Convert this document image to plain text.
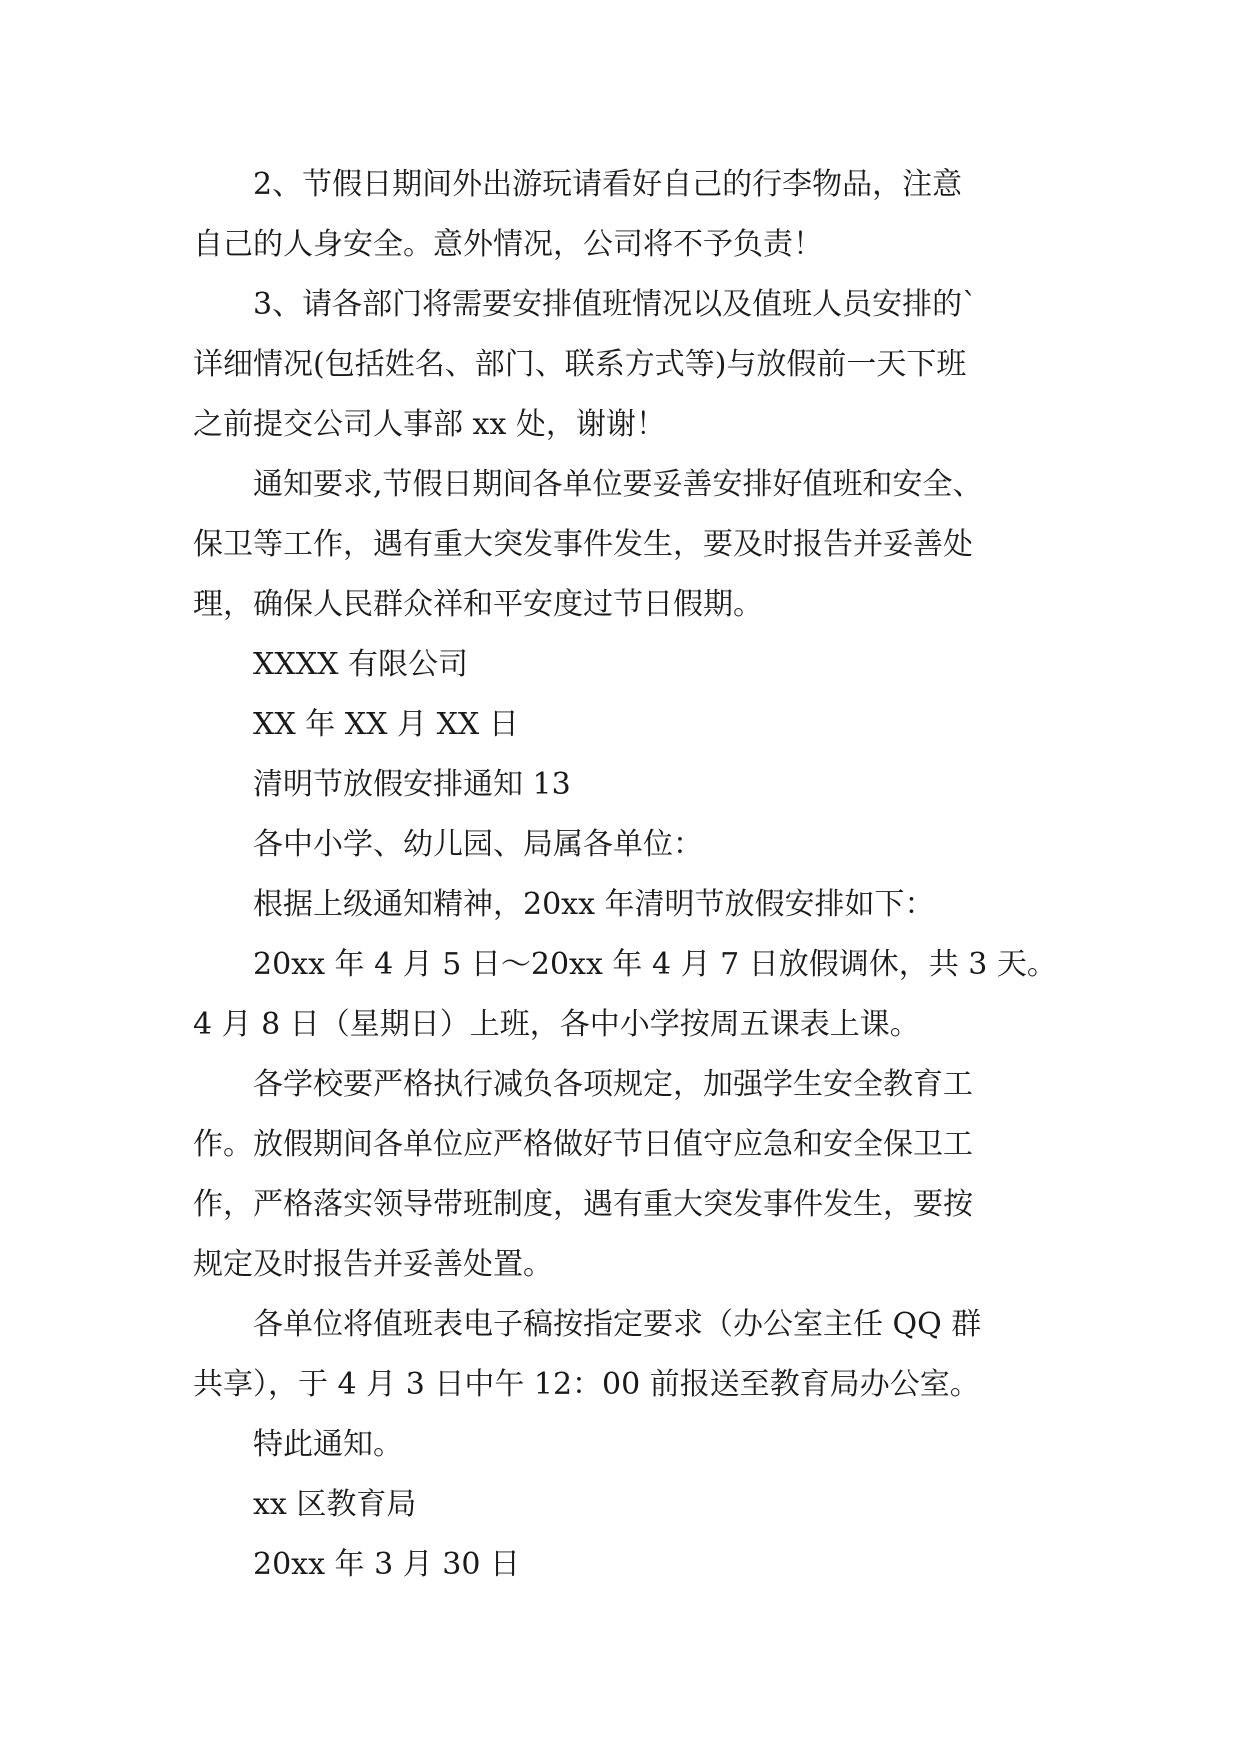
2、节假日期间外出游玩请看好自己的行李物品，注意
自己的人身安全。意外情况，公司将不予负责！
3、请各部门将需要安排值班情况以及值班人员安排的`
详细情况(包括姓名、部门、联系方式等)与放假前一天下班
之前提交公司人事部 xx 处，谢谢！
通知要求,节假日期间各单位要妥善安排好值班和安全、
保卫等工作，遇有重大突发事件发生，要及时报告并妥善处
理，确保人民群众祥和平安度过节日假期。
XXXX 有限公司
XX 年 XX 月 XX 日
清明节放假安排通知 13
各中小学、幼儿园、局属各单位：
根据上级通知精神，20xx 年清明节放假安排如下：
20xx 年 4 月 5 日～20xx 年 4 月 7 日放假调休，共 3 天。
4 月 8 日（星期日）上班，各中小学按周五课表上课。
各学校要严格执行减负各项规定，加强学生安全教育工
作。放假期间各单位应严格做好节日值守应急和安全保卫工
作，严格落实领导带班制度，遇有重大突发事件发生，要按
规定及时报告并妥善处置。
各单位将值班表电子稿按指定要求（办公室主任 QQ 群
共享），于 4 月 3 日中午 12：00 前报送至教育局办公室。
特此通知。
xx 区教育局
20xx 年 3 月 30 日
